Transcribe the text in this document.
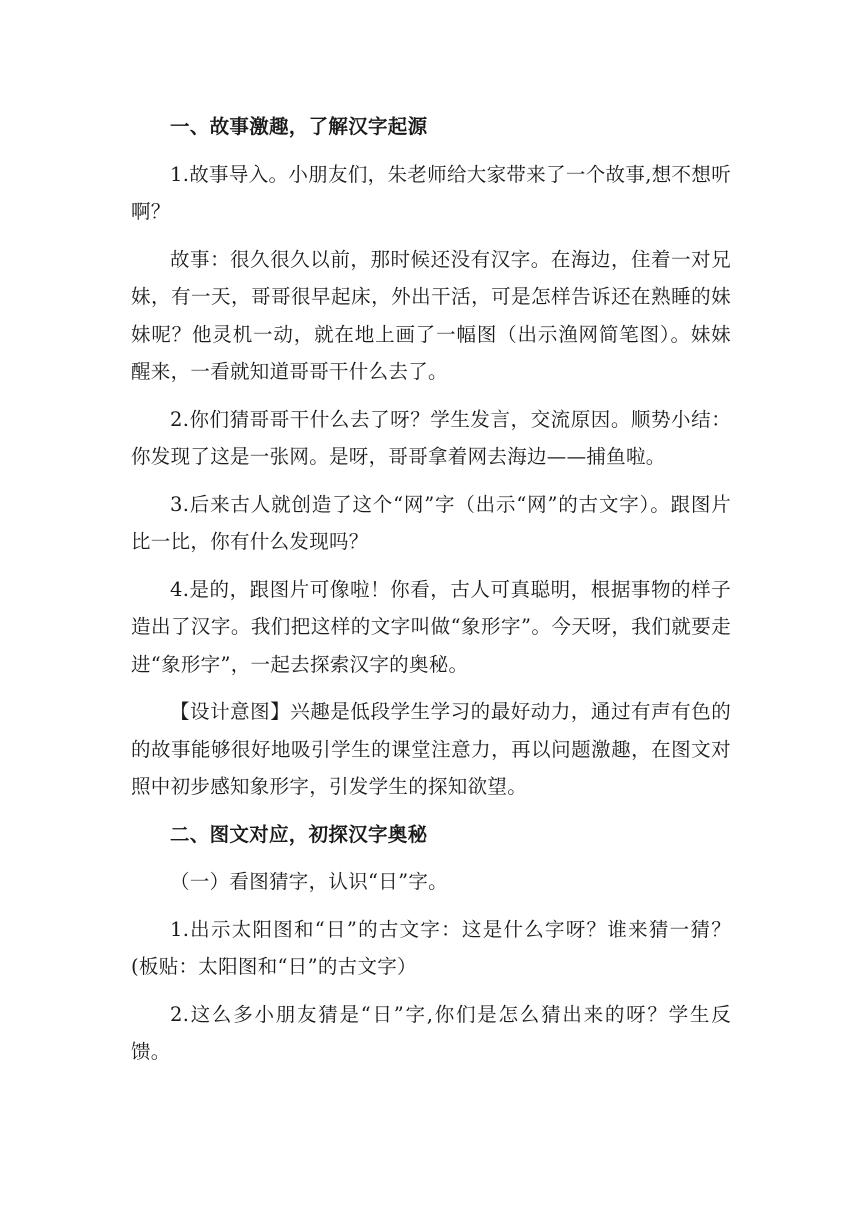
一、故事激趣，了解汉字起源

1.故事导入。小朋友们，朱老师给大家带来了一个故事,想不想听啊？

故事：很久很久以前，那时候还没有汉字。在海边，住着一对兄妹，有一天，哥哥很早起床，外出干活，可是怎样告诉还在熟睡的妹妹呢？他灵机一动，就在地上画了一幅图（出示渔网简笔图）。妹妹醒来，一看就知道哥哥干什么去了。

2.你们猜哥哥干什么去了呀？学生发言，交流原因。顺势小结：你发现了这是一张网。是呀，哥哥拿着网去海边——捕鱼啦。

3.后来古人就创造了这个“网”字（出示“网”的古文字）。跟图片比一比，你有什么发现吗？

4.是的，跟图片可像啦！你看，古人可真聪明，根据事物的样子造出了汉字。我们把这样的文字叫做“象形字”。今天呀，我们就要走进“象形字”，一起去探索汉字的奥秘。

【设计意图】兴趣是低段学生学习的最好动力，通过有声有色的的故事能够很好地吸引学生的课堂注意力，再以问题激趣，在图文对照中初步感知象形字，引发学生的探知欲望。

二、图文对应，初探汉字奥秘

（一）看图猜字，认识“日”字。

1.出示太阳图和“日”的古文字：这是什么字呀？谁来猜一猜？(板贴：太阳图和“日”的古文字）

2.这么多小朋友猜是“日”字,你们是怎么猜出来的呀？学生反馈。
